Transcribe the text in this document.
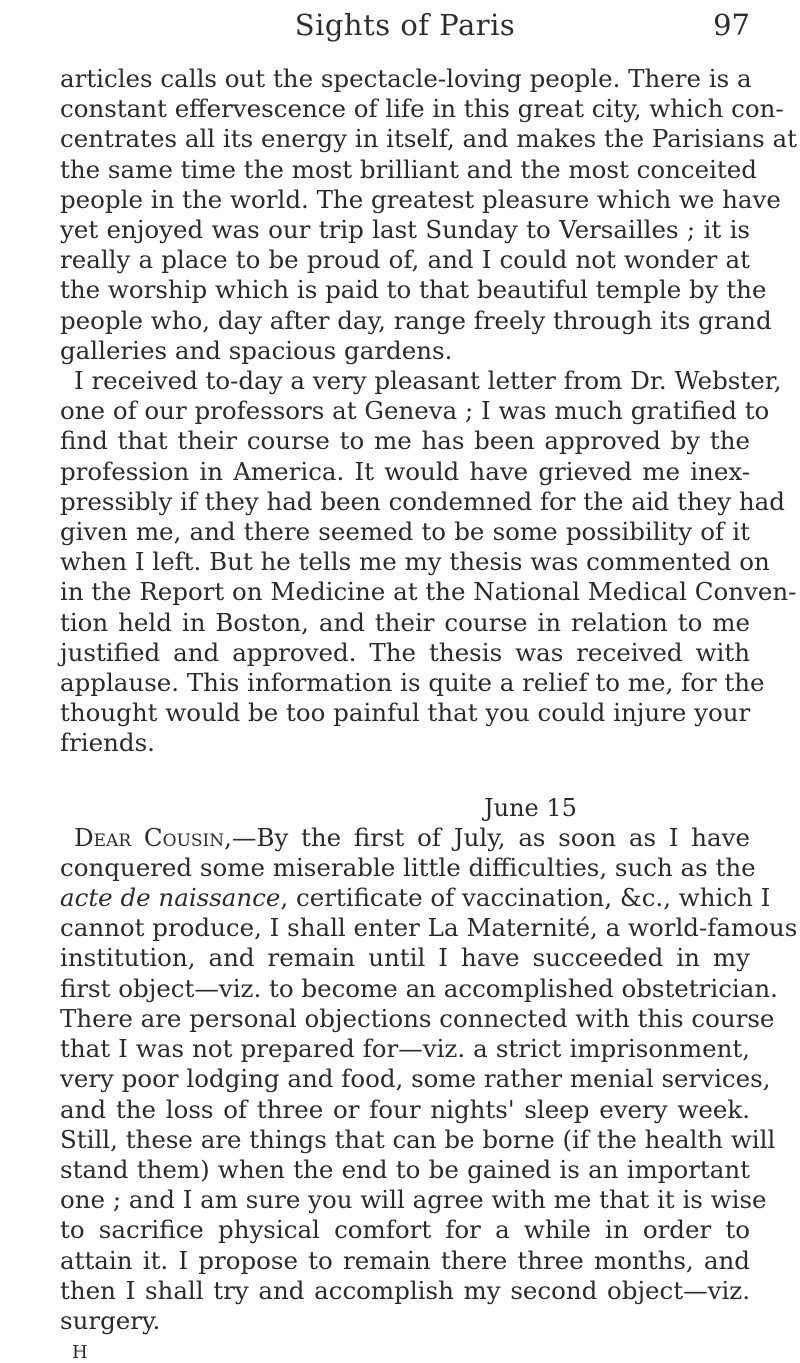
Sights of Paris	97
articles calls out the spectacle-loving people. There is a
constant effervescence of life in this great city, which con-
centrates all its energy in itself, and makes the Parisians at
the same time the most brilliant and the most conceited
people in the world. The greatest pleasure which we have
yet enjoyed was our trip last Sunday to Versailles ; it is
really a place to be proud of, and I could not wonder at
the worship which is paid to that beautiful temple by the
people who, day after day, range freely through its grand
galleries and spacious gardens.
I received to-day a very pleasant letter from Dr. Webster,
one of our professors at Geneva ; I was much gratified to
find that their course to me has been approved by the
profession in America. It would have grieved me inex-
pressibly if they had been condemned for the aid they had
given me, and there seemed to be some possibility of it
when I left. But he tells me my thesis was commented on
in the Report on Medicine at the National Medical Conven-
tion held in Boston, and their course in relation to me
justified and approved. The thesis was received with
applause. This information is quite a relief to me, for the
thought would be too painful that you could injure your
friends.
June 15
Dear Cousin,—By the first of July, as soon as I have
conquered some miserable little difficulties, such as the
acte de naissance, certificate of vaccination, &c., which I
cannot produce, I shall enter La Maternité, a world-famous
institution, and remain until I have succeeded in my
first object—viz. to become an accomplished obstetrician.
There are personal objections connected with this course
that I was not prepared for—viz. a strict imprisonment,
very poor lodging and food, some rather menial services,
and the loss of three or four nights' sleep every week.
Still, these are things that can be borne (if the health will
stand them) when the end to be gained is an important
one ; and I am sure you will agree with me that it is wise
to sacrifice physical comfort for a while in order to
attain it. I propose to remain there three months, and
then I shall try and accomplish my second object—viz.
surgery.
H
